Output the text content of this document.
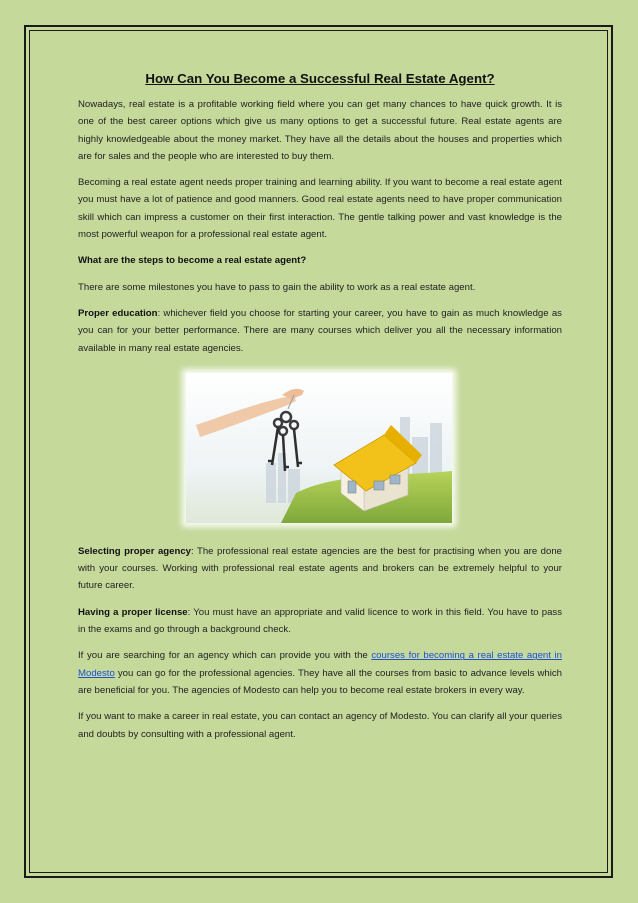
How Can You Become a Successful Real Estate Agent?

Nowadays, real estate is a profitable working field where you can get many chances to have quick growth. It is one of the best career options which give us many options to get a successful future. Real estate agents are highly knowledgeable about the money market. They have all the details about the houses and properties which are for sales and the people who are interested to buy them.

Becoming a real estate agent needs proper training and learning ability. If you want to become a real estate agent you must have a lot of patience and good manners. Good real estate agents need to have proper communication skill which can impress a customer on their first interaction. The gentle talking power and vast knowledge is the most powerful weapon for a professional real estate agent.

What are the steps to become a real estate agent?

There are some milestones you have to pass to gain the ability to work as a real estate agent.

Proper education: whichever field you choose for starting your career, you have to gain as much knowledge as you can for your better performance. There are many courses which deliver you all the necessary information available in many real estate agencies.

Selecting proper agency: The professional real estate agencies are the best for practising when you are done with your courses. Working with professional real estate agents and brokers can be extremely helpful to your future career.

Having a proper license: You must have an appropriate and valid licence to work in this field. You have to pass in the exams and go through a background check.

If you are searching for an agency which can provide you with the courses for becoming a real estate agent in Modesto you can go for the professional agencies. They have all the courses from basic to advance levels which are beneficial for you. The agencies of Modesto can help you to become real estate brokers in every way.

If you want to make a career in real estate, you can contact an agency of Modesto. You can clarify all your queries and doubts by consulting with a professional agent.
